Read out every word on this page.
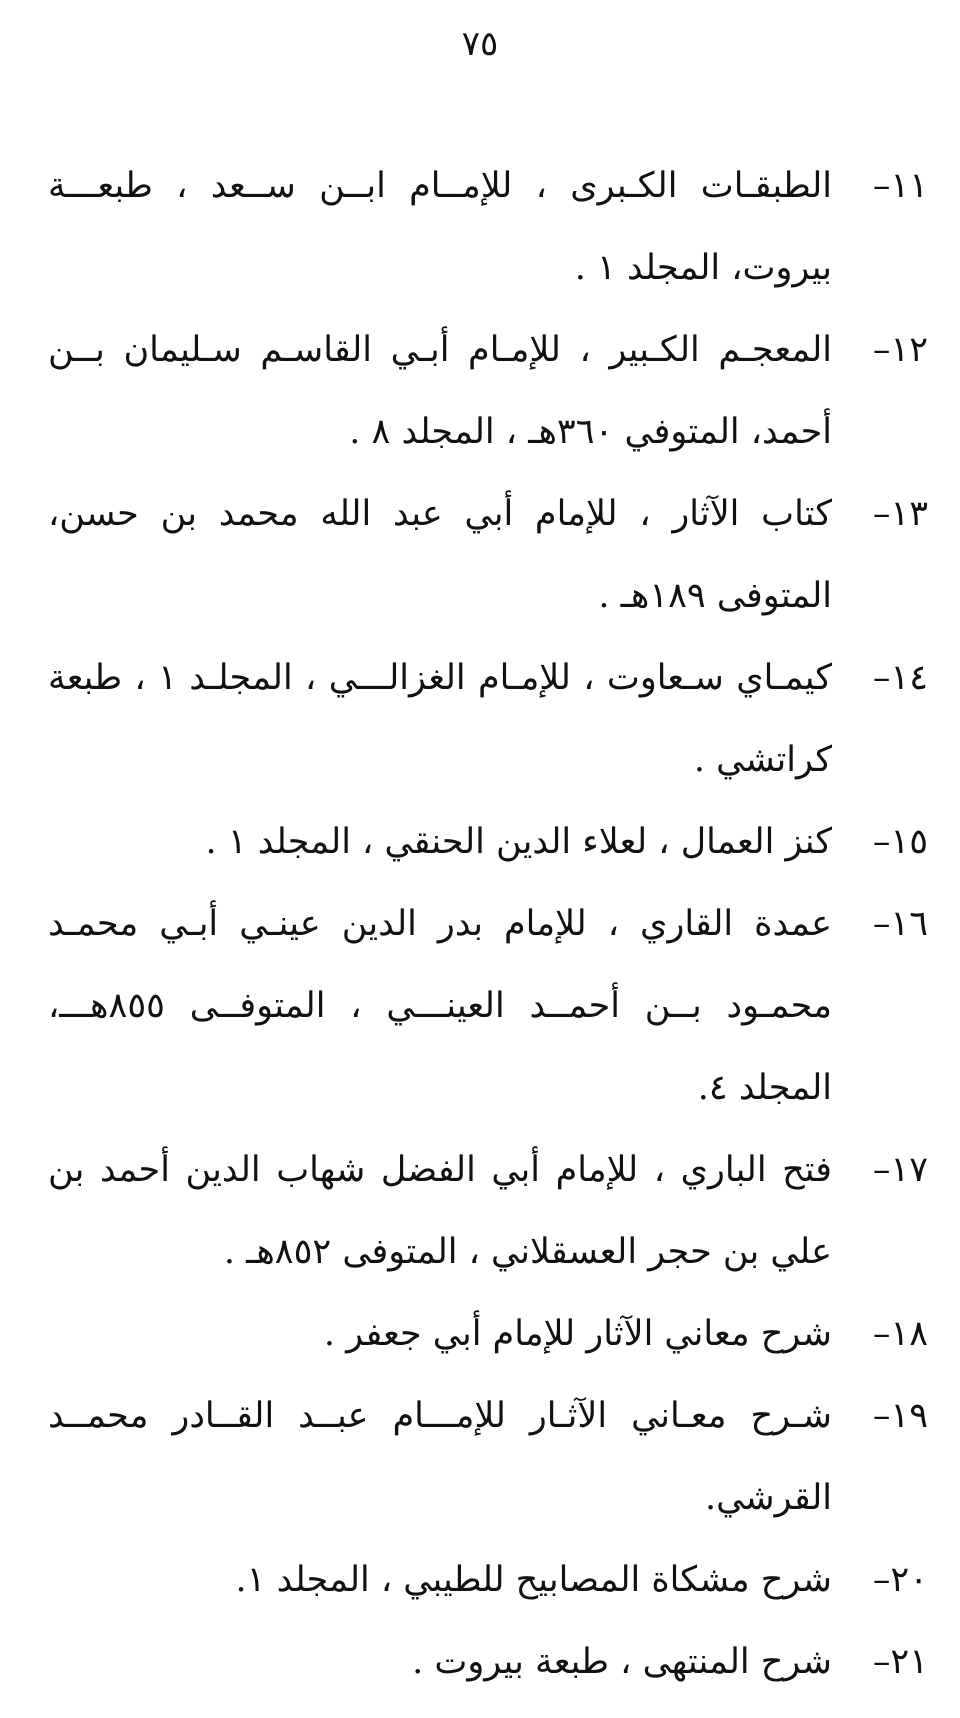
٧٥
١١–
الطبقـات الكـبرى ، للإمــام ابــن ســعد ، طبعـــة بيروت، المجلد ١ .
١٢–
المعجـم الكـبير ، للإمـام أبـي القاسـم سـليمان بــن أحمد، المتوفي ٣٦٠هـ ، المجلد ٨ .
١٣–
كتاب الآثار ، للإمام أبي عبد الله محمد بن حسن، المتوفى ١٨٩هـ .
١٤–
كيمـاي سـعاوت ، للإمـام الغزالـــي ، المجلـد ١ ، طبعة كراتشي .
١٥–
كنز العمال ، لعلاء الدين الحنقي ، المجلد ١ .
١٦–
عمدة القاري ، للإمام بدر الدين عينـي أبـي محمـد محمـود بــن أحمــد العينـــي ، المتوفــى ٨٥٥هـــ، المجلد ٤.
١٧–
فتح الباري ، للإمام أبي الفضل شهاب الدين أحمد بن علي بن حجر العسقلاني ، المتوفى ٨٥٢هـ .
١٨–
شرح معاني الآثار للإمام أبي جعفر .
١٩–
شـرح معـاني الآثـار للإمـــام عبــد القــادر محمــد القرشي.
٢٠–
شرح مشكاة المصابيح للطيبي ، المجلد ١.
٢١–
شرح المنتهى ، طبعة بيروت .
